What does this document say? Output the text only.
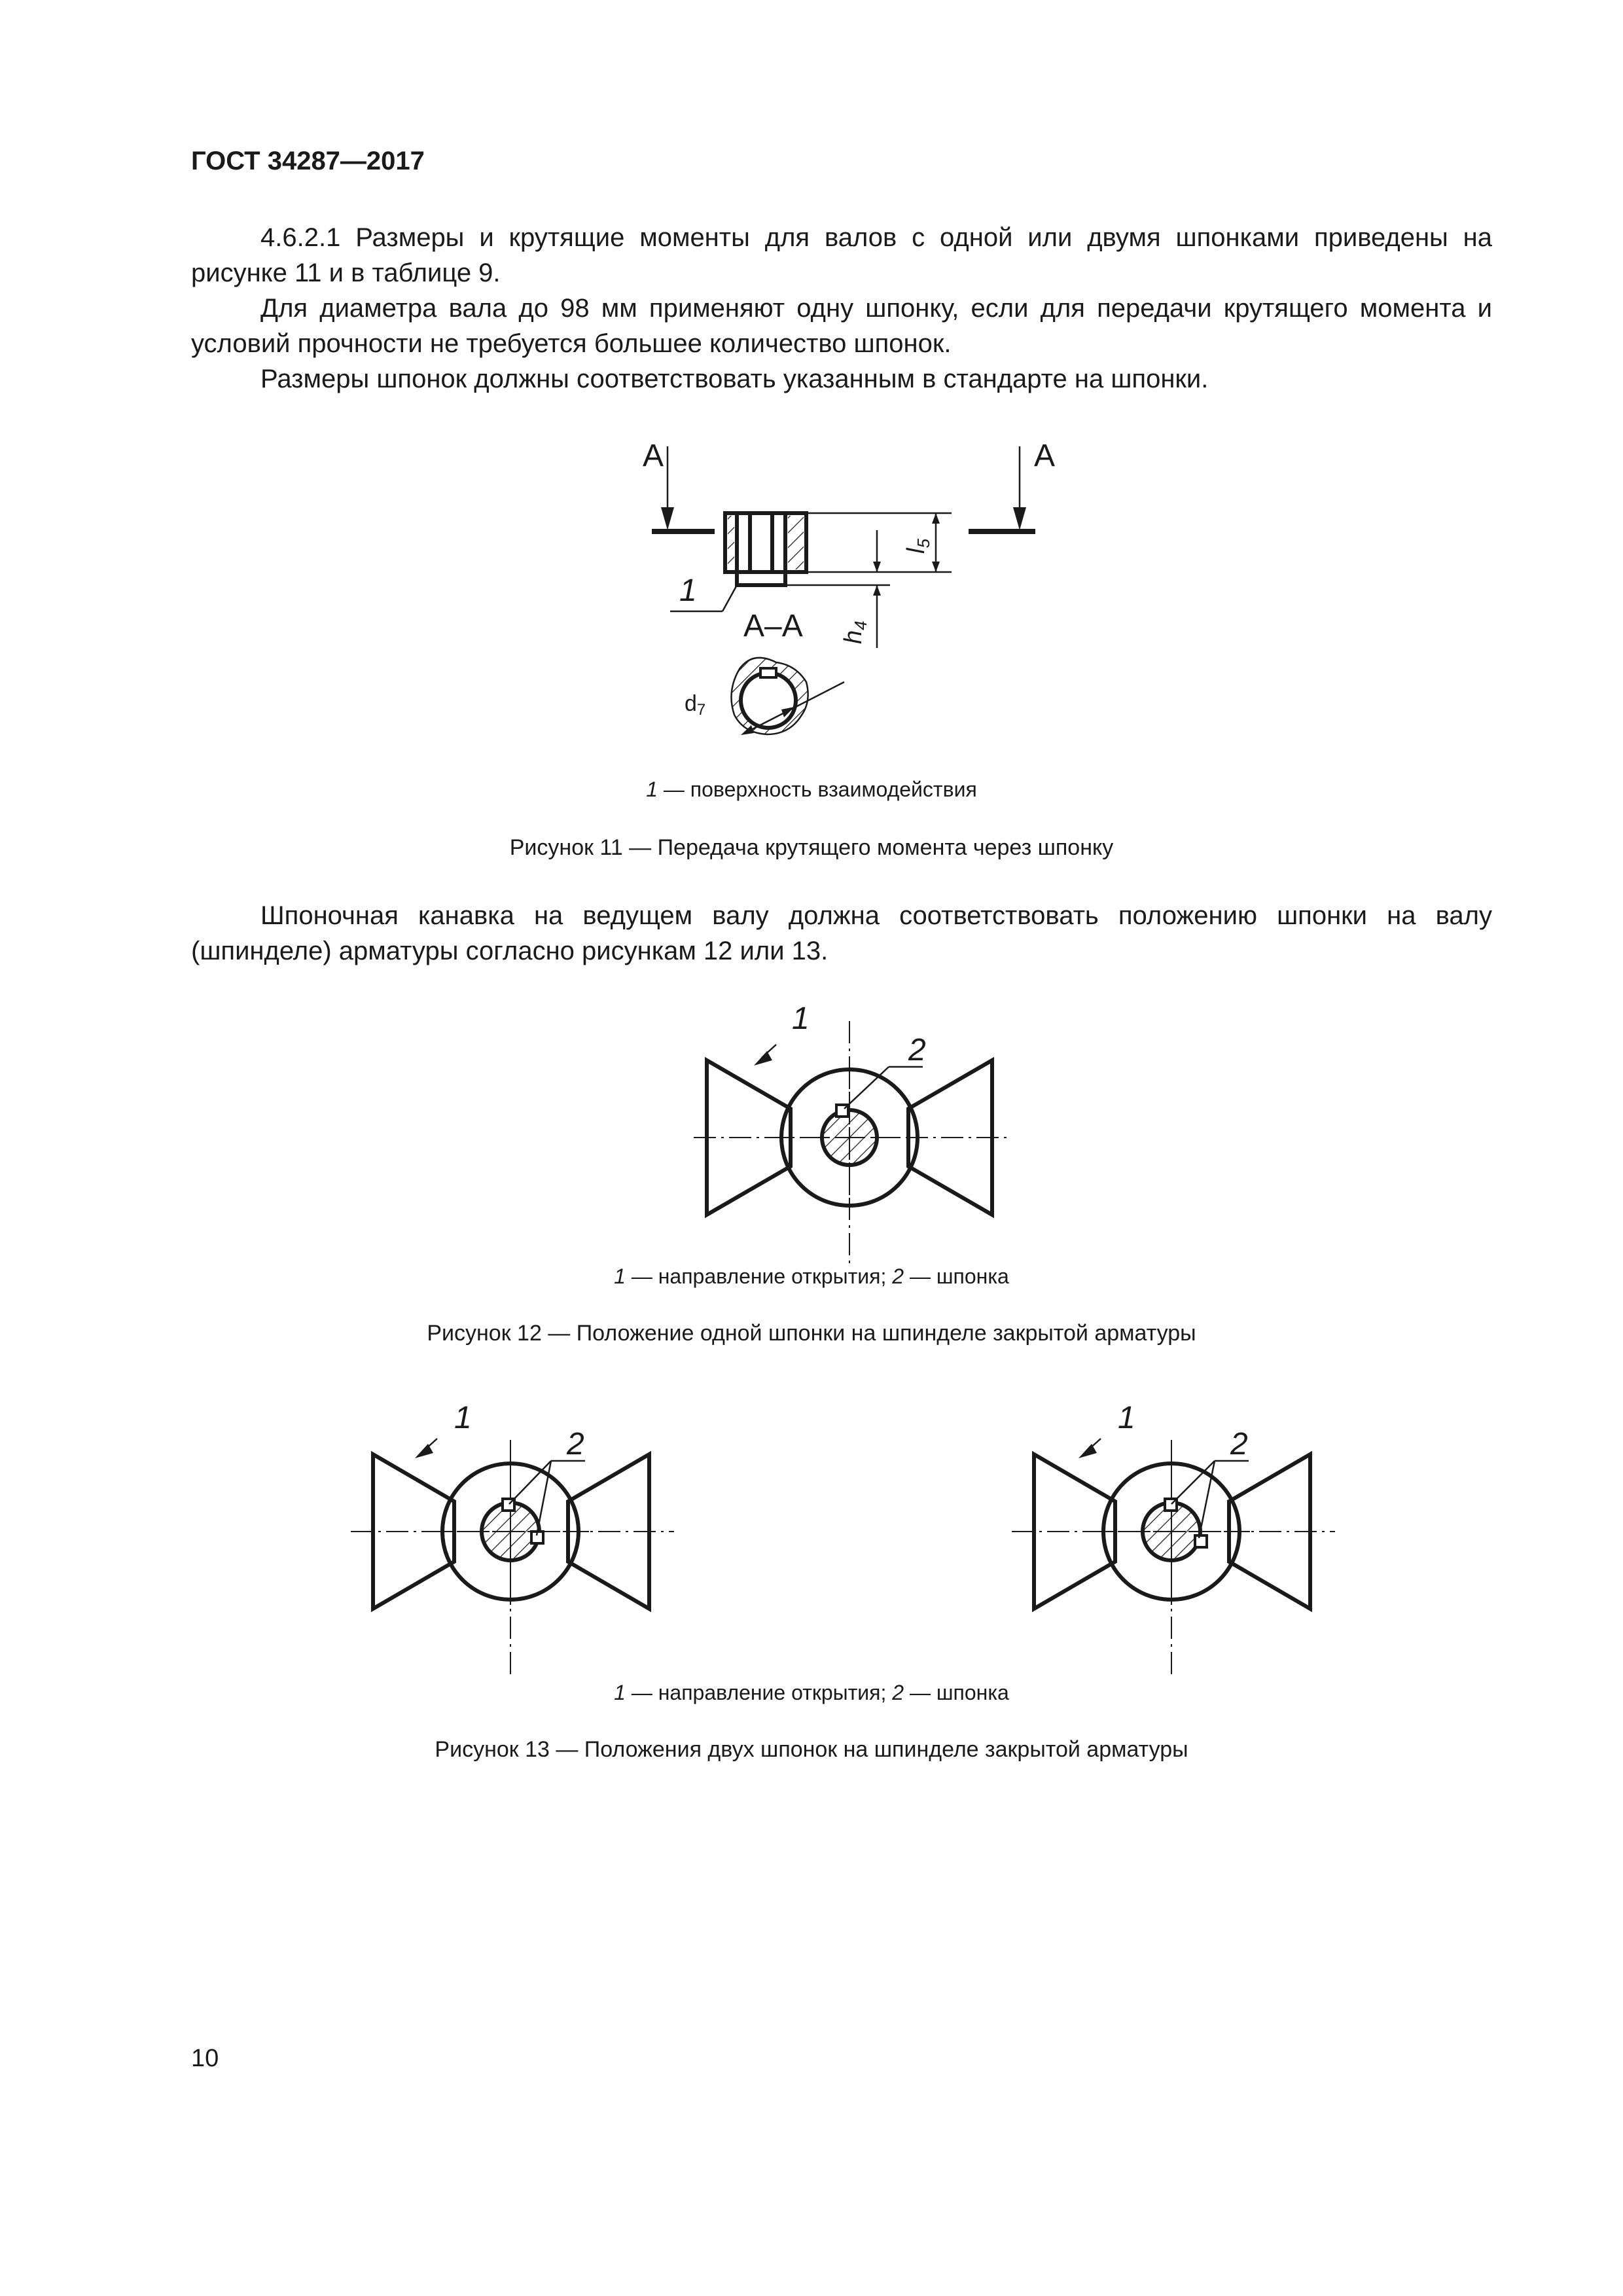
ГОСТ 34287—2017

4.6.2.1 Размеры и крутящие моменты для валов с одной или двумя шпонками приведены на рисунке 11 и в таблице 9.

Для диаметра вала до 98 мм применяют одну шпонку, если для передачи крутящего момента и условий прочности не требуется большее количество шпонок.

Размеры шпонок должны соответствовать указанным в стандарте на шпонки.

А	А
$l_5$
$h_4$
1
А–А
d7
1 — поверхность взаимодействия
Рисунок 11 — Передача крутящего момента через шпонку

Шпоночная канавка на ведущем валу должна соответствовать положению шпонки на валу (шпинделе) арматуры согласно рисункам 12 или 13.

1
2
1 — направление открытия; 2 — шпонка
Рисунок 12 — Положение одной шпонки на шпинделе закрытой арматуры
1
2
1
2
1 — направление открытия; 2 — шпонка
Рисунок 13 — Положения двух шпонок на шпинделе закрытой арматуры
10
